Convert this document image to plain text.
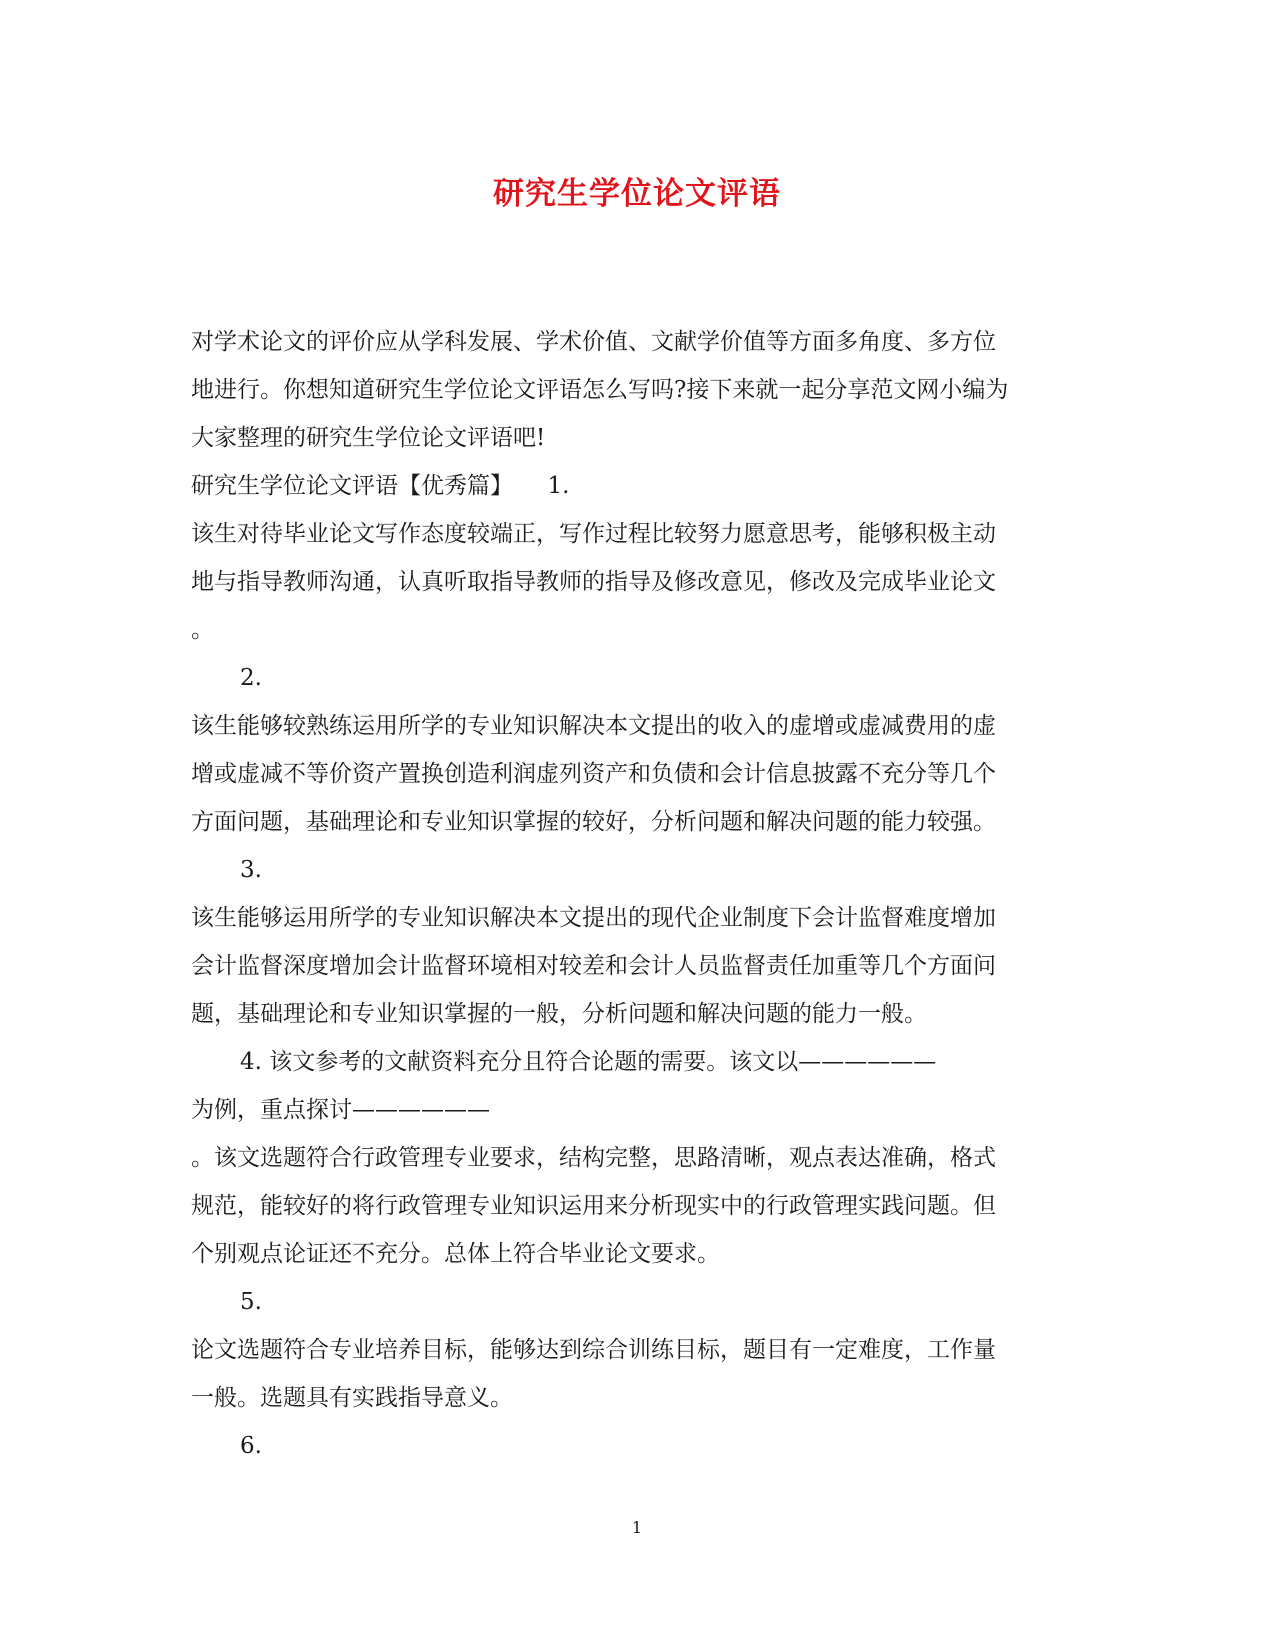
研究生学位论文评语
对学术论文的评价应从学科发展、学术价值、文献学价值等方面多角度、多方位
地进行。你想知道研究生学位论文评语怎么写吗?接下来就一起分享范文网小编为
大家整理的研究生学位论文评语吧!
研究生学位论文评语【优秀篇】　　1.
该生对待毕业论文写作态度较端正，写作过程比较努力愿意思考，能够积极主动
地与指导教师沟通，认真听取指导教师的指导及修改意见，修改及完成毕业论文
。
2.
该生能够较熟练运用所学的专业知识解决本文提出的收入的虚增或虚减费用的虚
增或虚减不等价资产置换创造利润虚列资产和负债和会计信息披露不充分等几个
方面问题，基础理论和专业知识掌握的较好，分析问题和解决问题的能力较强。
3.
该生能够运用所学的专业知识解决本文提出的现代企业制度下会计监督难度增加
会计监督深度增加会计监督环境相对较差和会计人员监督责任加重等几个方面问
题，基础理论和专业知识掌握的一般，分析问题和解决问题的能力一般。
4. 该文参考的文献资料充分且符合论题的需要。该文以——————
为例，重点探讨——————
。该文选题符合行政管理专业要求，结构完整，思路清晰，观点表达准确，格式
规范，能较好的将行政管理专业知识运用来分析现实中的行政管理实践问题。但
个别观点论证还不充分。总体上符合毕业论文要求。
5.
论文选题符合专业培养目标，能够达到综合训练目标，题目有一定难度，工作量
一般。选题具有实践指导意义。
6.
1
